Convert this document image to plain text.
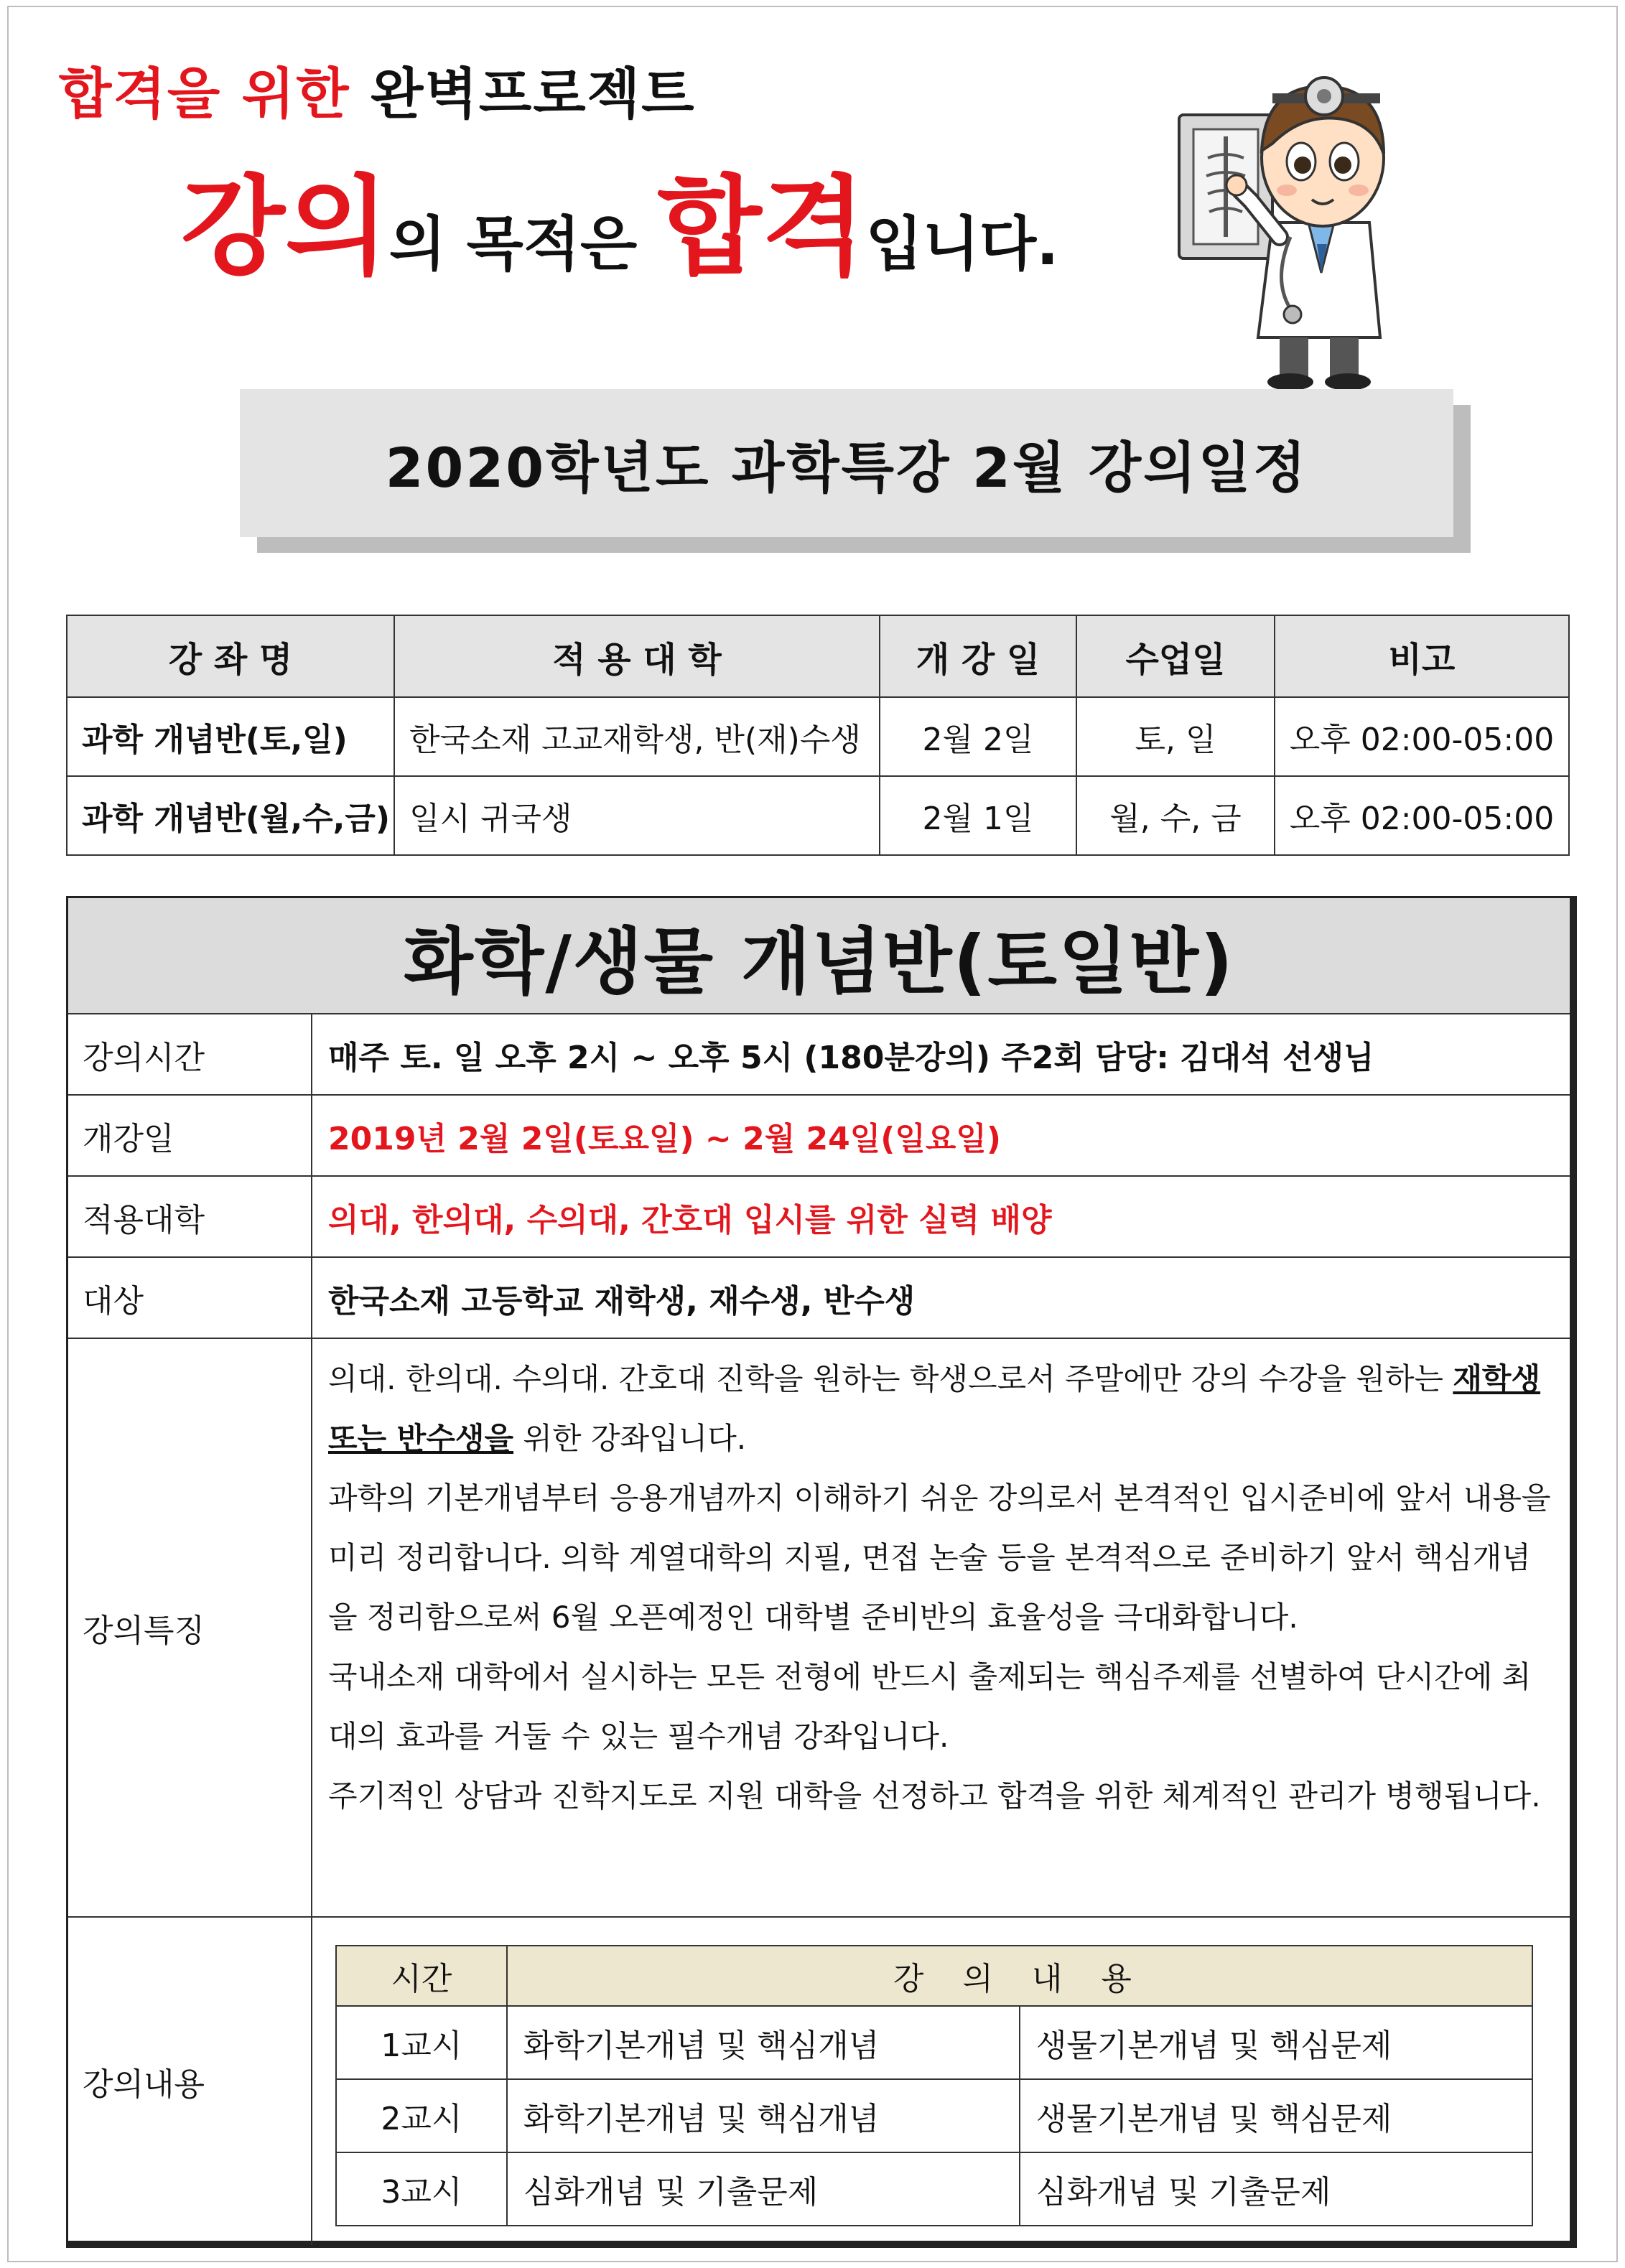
합격을 위한 완벽프로젝트
강의의 목적은 합격입니다.
2020학년도 과학특강 2월 강의일정
강 좌 명	적 용 대 학	개 강 일	수업일	비고
과학 개념반(토,일)	한국소재 고교재학생, 반(재)수생	2월 2일	토, 일	오후 02:00-05:00
과학 개념반(월,수,금)	일시 귀국생	2월 1일	월, 수, 금	오후 02:00-05:00
화학/생물 개념반(토일반)
강의시간	매주 토. 일 오후 2시 ~ 오후 5시 (180분강의) 주2회 담당: 김대석 선생님
개강일	2019년 2월 2일(토요일) ~ 2월 24일(일요일)
적용대학	의대, 한의대, 수의대, 간호대 입시를 위한 실력 배양
대상	한국소재 고등학교 재학생, 재수생, 반수생
강의특징

의대. 한의대. 수의대. 간호대 진학을 원하는 학생으로서 주말에만 강의 수강을 원하는 재학생 또는 반수생을 위한 강좌입니다.

과학의 기본개념부터 응용개념까지 이해하기 쉬운 강의로서 본격적인 입시준비에 앞서 내용을 미리 정리합니다. 의학 계열대학의 지필, 면접 논술 등을 본격적으로 준비하기 앞서 핵심개념을 정리함으로써 6월 오픈예정인 대학별 준비반의 효율성을 극대화합니다.

국내소재 대학에서 실시하는 모든 전형에 반드시 출제되는 핵심주제를 선별하여 단시간에 최대의 효과를 거둘 수 있는 필수개념 강좌입니다.

주기적인 상담과 진학지도로 지원 대학을 선정하고 합격을 위한 체계적인 관리가 병행됩니다.

강의내용
시간	강 의 내 용	
1교시	화학기본개념 및 핵심개념	생물기본개념 및 핵심문제
2교시	화학기본개념 및 핵심개념	생물기본개념 및 핵심문제
3교시	심화개념 및 기출문제	심화개념 및 기출문제
